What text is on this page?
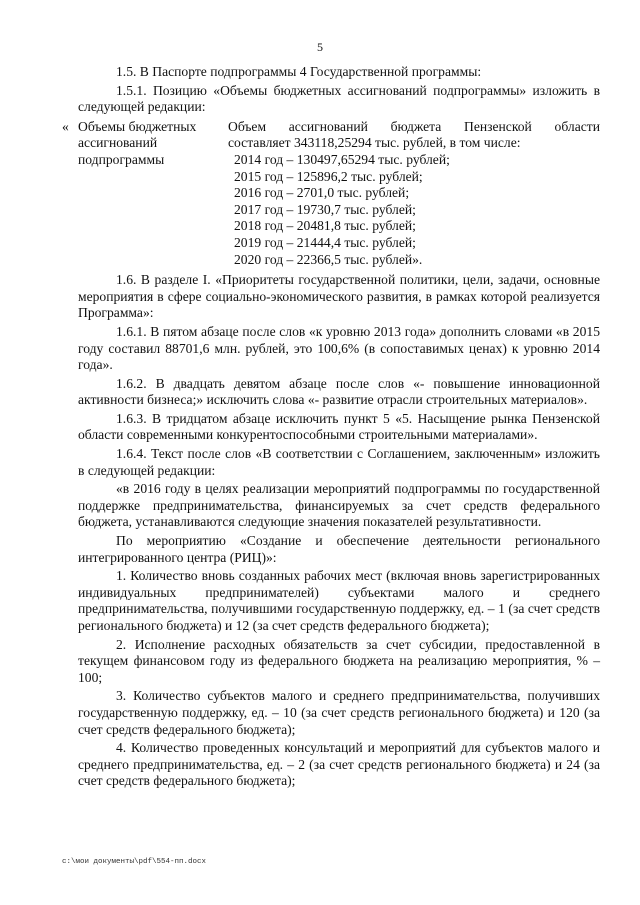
5

1.5. В Паспорте подпрограммы 4 Государственной программы:

1.5.1. Позицию «Объемы бюджетных ассигнований подпрограммы» изложить в следующей редакции:

« Объемы бюджетных ассигнований подпрограммы
Объем ассигнований бюджета Пензенской области
составляет 343118,25294 тыс. рублей, в том числе:
2014 год – 130497,65294 тыс. рублей;
2015 год – 125896,2 тыс. рублей;
2016 год – 2701,0 тыс. рублей;
2017 год – 19730,7 тыс. рублей;
2018 год – 20481,8 тыс. рублей;
2019 год – 21444,4 тыс. рублей;
2020 год – 22366,5 тыс. рублей».

1.6. В разделе I. «Приоритеты государственной политики, цели, задачи, основные мероприятия в сфере социально-экономического развития, в рамках которой реализуется Программа»:

1.6.1. В пятом абзаце после слов «к уровню 2013 года» дополнить словами «в 2015 году составил 88701,6 млн. рублей, это 100,6% (в сопоставимых ценах) к уровню 2014 года».

1.6.2. В двадцать девятом абзаце после слов «- повышение инновационной активности бизнеса;» исключить слова «- развитие отрасли строительных материалов».

1.6.3. В тридцатом абзаце исключить пункт 5 «5. Насыщение рынка Пензенской области современными конкурентоспособными строительными материалами».

1.6.4. Текст после слов «В соответствии с Соглашением, заключенным» изложить в следующей редакции:

«в 2016 году в целях реализации мероприятий подпрограммы по государственной поддержке предпринимательства, финансируемых за счет средств федерального бюджета, устанавливаются следующие значения показателей результативности.

По мероприятию «Создание и обеспечение деятельности регионального интегрированного центра (РИЦ)»:

1. Количество вновь созданных рабочих мест (включая вновь зарегистрированных индивидуальных предпринимателей) субъектами малого и среднего предпринимательства, получившими государственную поддержку, ед. – 1 (за счет средств регионального бюджета) и 12 (за счет средств федерального бюджета);

2. Исполнение расходных обязательств за счет субсидии, предоставленной в текущем финансовом году из федерального бюджета на реализацию мероприятия, % – 100;

3. Количество субъектов малого и среднего предпринимательства, получивших государственную поддержку, ед. – 10 (за счет средств регионального бюджета) и 120 (за счет средств федерального бюджета);

4. Количество проведенных консультаций и мероприятий для субъектов малого и среднего предпринимательства, ед. – 2 (за счет средств регионального бюджета) и 24 (за счет средств федерального бюджета);

c:\мои документы\pdf\554-пп.docx
